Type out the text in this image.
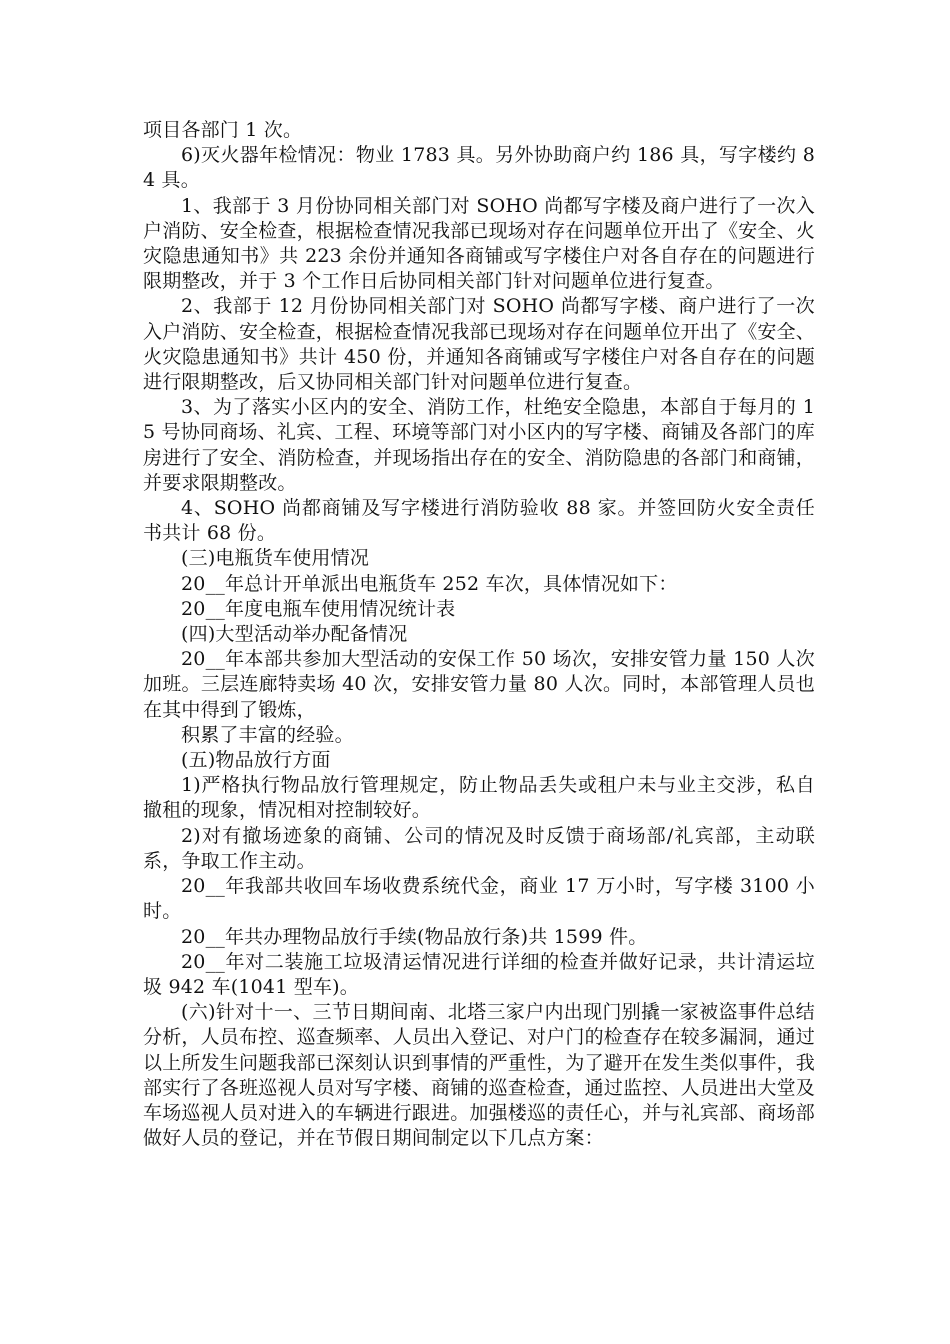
项目各部门 1 次。

6)灭火器年检情况：物业 1783 具。另外协助商户约 186 具，写字楼约 84 具。

1、我部于 3 月份协同相关部门对 SOHO 尚都写字楼及商户进行了一次入户消防、安全检查，根据检查情况我部已现场对存在问题单位开出了《安全、火灾隐患通知书》共 223 余份并通知各商铺或写字楼住户对各自存在的问题进行限期整改，并于 3 个工作日后协同相关部门针对问题单位进行复查。

2、我部于 12 月份协同相关部门对 SOHO 尚都写字楼、商户进行了一次入户消防、安全检查，根据检查情况我部已现场对存在问题单位开出了《安全、火灾隐患通知书》共计 450 份，并通知各商铺或写字楼住户对各自存在的问题进行限期整改，后又协同相关部门针对问题单位进行复查。

3、为了落实小区内的安全、消防工作，杜绝安全隐患，本部自于每月的 15 号协同商场、礼宾、工程、环境等部门对小区内的写字楼、商铺及各部门的库房进行了安全、消防检查，并现场指出存在的安全、消防隐患的各部门和商铺，并要求限期整改。

4、SOHO 尚都商铺及写字楼进行消防验收 88 家。并签回防火安全责任书共计 68 份。

(三)电瓶货车使用情况

20__年总计开单派出电瓶货车 252 车次，具体情况如下：

20__年度电瓶车使用情况统计表

(四)大型活动举办配备情况

20__年本部共参加大型活动的安保工作 50 场次，安排安管力量 150 人次加班。三层连廊特卖场 40 次，安排安管力量 80 人次。同时，本部管理人员也在其中得到了锻炼，

积累了丰富的经验。

(五)物品放行方面

1)严格执行物品放行管理规定，防止物品丢失或租户未与业主交涉，私自撤租的现象，情况相对控制较好。

2)对有撤场迹象的商铺、公司的情况及时反馈于商场部/礼宾部，主动联系，争取工作主动。

20__年我部共收回车场收费系统代金，商业 17 万小时，写字楼 3100 小时。

20__年共办理物品放行手续(物品放行条)共 1599 件。

20__年对二装施工垃圾清运情况进行详细的检查并做好记录，共计清运垃圾 942 车(1041 型车)。

(六)针对十一、三节日期间南、北塔三家户内出现门别撬一家被盗事件总结分析，人员布控、巡查频率、人员出入登记、对户门的检查存在较多漏洞，通过以上所发生问题我部已深刻认识到事情的严重性，为了避开在发生类似事件，我部实行了各班巡视人员对写字楼、商铺的巡查检查，通过监控、人员进出大堂及车场巡视人员对进入的车辆进行跟进。加强楼巡的责任心，并与礼宾部、商场部做好人员的登记，并在节假日期间制定以下几点方案：
